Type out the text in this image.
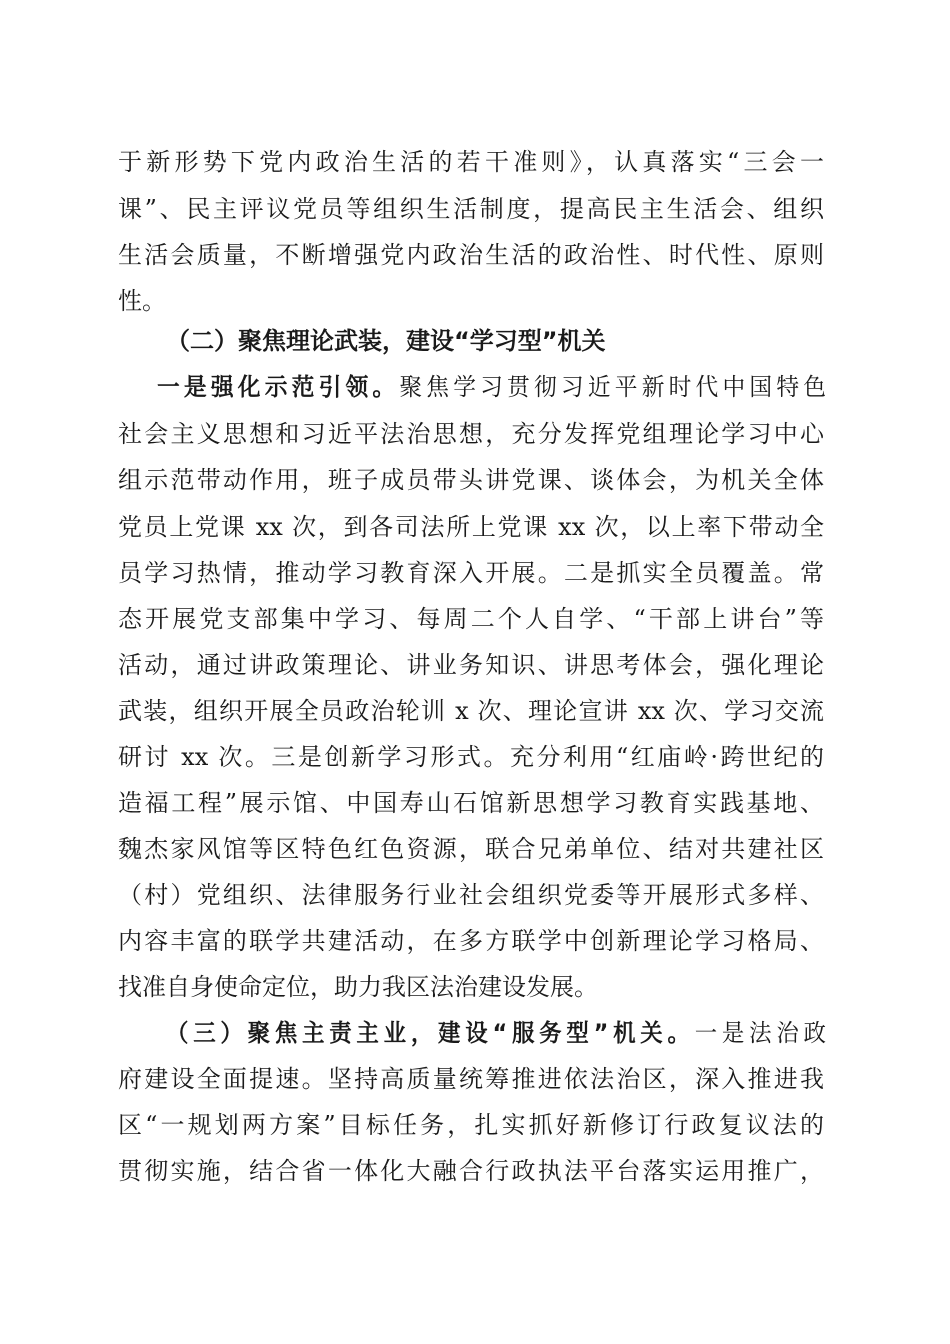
于新形势下党内政治生活的若干准则》，认真落实“三会一
课”、民主评议党员等组织生活制度，提高民主生活会、组织
生活会质量，不断增强党内政治生活的政治性、时代性、原则
性。
（二）聚焦理论武装，建设“学习型”机关
一是强化示范引领。聚焦学习贯彻习近平新时代中国特色
社会主义思想和习近平法治思想，充分发挥党组理论学习中心
组示范带动作用，班子成员带头讲党课、谈体会，为机关全体
党员上党课 xx 次，到各司法所上党课 xx 次，以上率下带动全
员学习热情，推动学习教育深入开展。二是抓实全员覆盖。常
态开展党支部集中学习、每周二个人自学、“干部上讲台”等
活动，通过讲政策理论、讲业务知识、讲思考体会，强化理论
武装，组织开展全员政治轮训 x 次、理论宣讲 xx 次、学习交流
研讨 xx 次。三是创新学习形式。充分利用“红庙岭·跨世纪的
造福工程”展示馆、中国寿山石馆新思想学习教育实践基地、
魏杰家风馆等区特色红色资源，联合兄弟单位、结对共建社区
（村）党组织、法律服务行业社会组织党委等开展形式多样、
内容丰富的联学共建活动，在多方联学中创新理论学习格局、
找准自身使命定位，助力我区法治建设发展。
（三）聚焦主责主业，建设“服务型”机关。一是法治政
府建设全面提速。坚持高质量统筹推进依法治区，深入推进我
区“一规划两方案”目标任务，扎实抓好新修订行政复议法的
贯彻实施，结合省一体化大融合行政执法平台落实运用推广，
